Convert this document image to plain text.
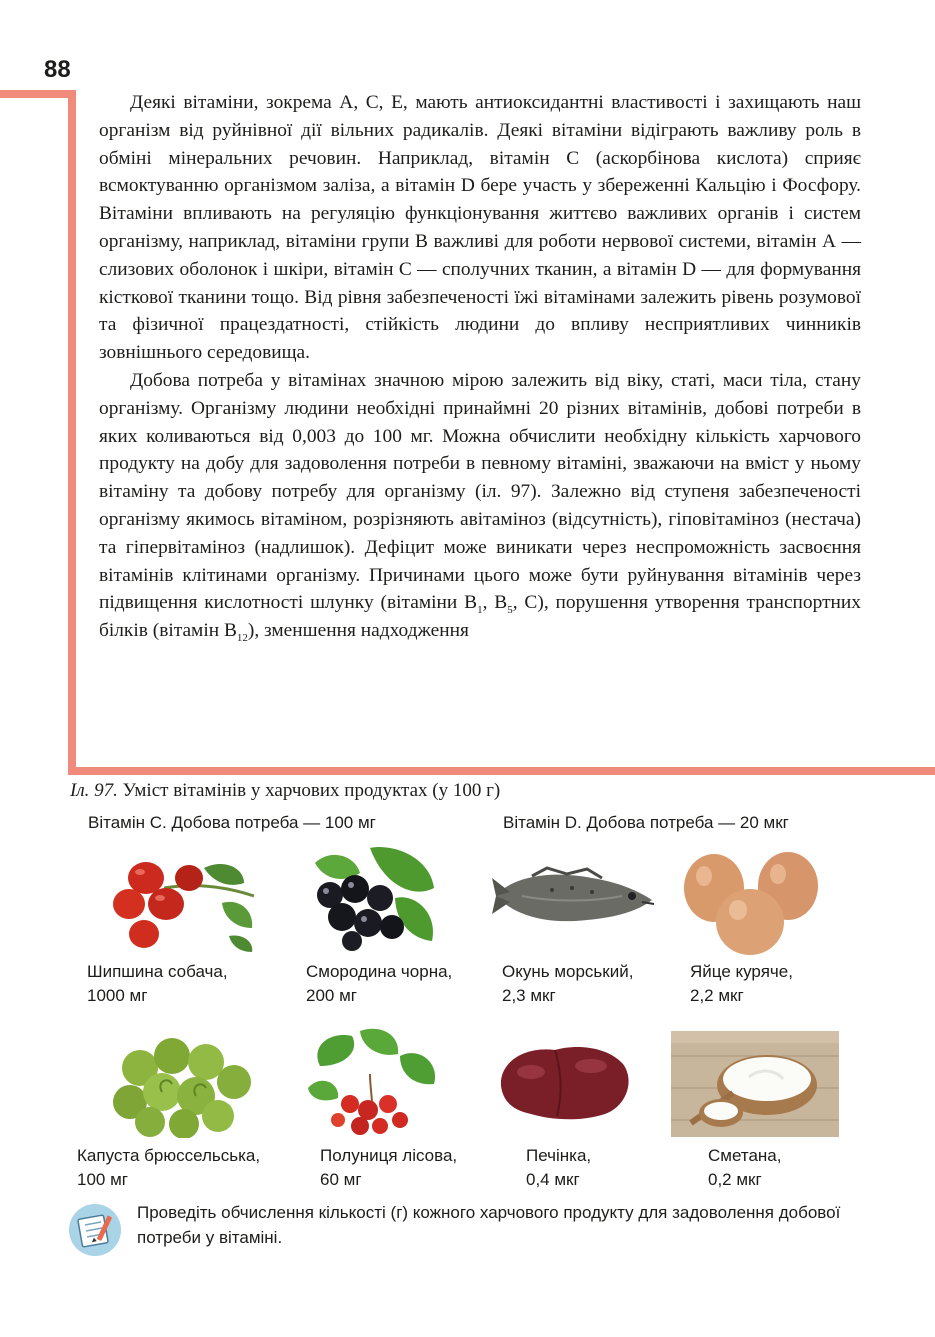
88

Деякі вітаміни, зокрема А, С, Е, мають антиоксидантні властивості і захищають наш організм від руйнівної дії вільних радикалів. Деякі вітаміни відіграють важливу роль в обміні мінеральних речовин. Наприклад, вітамін С (аскорбінова кислота) сприяє всмоктуванню організмом заліза, а вітамін D бере участь у збереженні Кальцію і Фосфору. Вітаміни впливають на регуляцію функціонування життєво важливих органів і систем організму, наприклад, вітаміни групи В важливі для роботи нервової системи, вітамін А — слизових оболонок і шкіри, вітамін С — сполучних тканин, а вітамін D — для формування кісткової тканини тощо. Від рівня забезпеченості їжі вітамінами залежить рівень розумової та фізичної працездатності, стійкість людини до впливу несприятливих чинників зовнішнього середовища.

Добова потреба у вітамінах значною мірою залежить від віку, статі, маси тіла, стану організму. Організму людини необхідні принаймні 20 різних вітамінів, добові потреби в яких коливаються від 0,003 до 100 мг. Можна обчислити необхідну кількість харчового продукту на добу для задоволення потреби в певному вітаміні, зважаючи на вміст у ньому вітаміну та добову потребу для організму (іл. 97). Залежно від ступеня забезпеченості організму якимось вітаміном, розрізняють авітаміноз (відсутність), гіповітаміноз (нестача) та гіпервітаміноз (надлишок). Дефіцит може виникати через неспроможність засвоєння вітамінів клітинами організму. Причинами цього може бути руйнування вітамінів через підвищення кислотності шлунку (вітаміни $В_1$, $В_5$, С), порушення утворення транспортних білків (вітамін $В_{12}$), зменшення надходження

Іл. 97. Уміст вітамінів у харчових продуктах (у 100 г)
Вітамін С. Добова потреба — 100 мг	Вітамін D. Добова потреба — 20 мкг
Шипшина собача,
1000 мг
Смородина чорна,
200 мг
Окунь морський,
2,3 мкг
Яйце куряче,
2,2 мкг
Капуста брюссельська,
100 мг
Полуниця лісова,
60 мг
Печінка,
0,4 мкг
Сметана,
0,2 мкг
Проведіть обчислення кількості (г) кожного харчового продукту для задоволення добової потреби у вітаміні.
